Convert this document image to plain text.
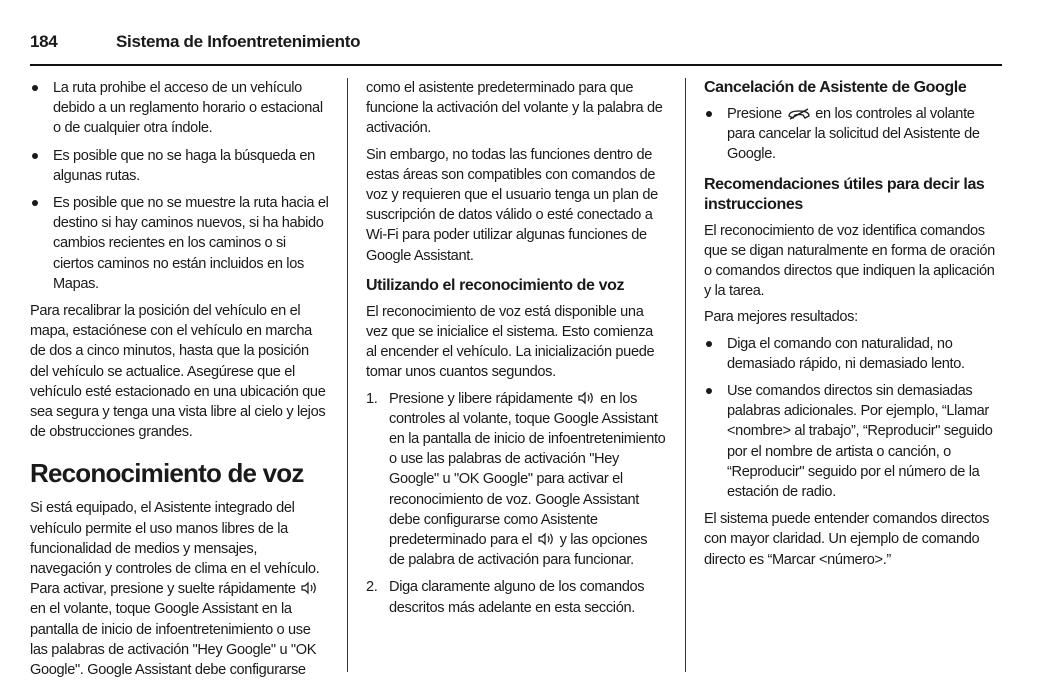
184	Sistema de Infoentretenimiento
La ruta prohibe el acceso de un vehículo debido a un reglamento horario o estacional o de cualquier otra índole.
Es posible que no se haga la búsqueda en algunas rutas.
Es posible que no se muestre la ruta hacia el destino si hay caminos nuevos, si ha habido cambios recientes en los caminos o si ciertos caminos no están incluidos en los Mapas.

Para recalibrar la posición del vehículo en el mapa, estaciónese con el vehículo en marcha de dos a cinco minutos, hasta que la posición del vehículo se actualice. Asegúrese que el vehículo esté estacionado en una ubicación que sea segura y tenga una vista libre al cielo y lejos de obstrucciones grandes.

Reconocimiento de voz

Si está equipado, el Asistente integrado del vehículo permite el uso manos libres de la funcionalidad de medios y mensajes, navegación y controles de clima en el vehículo. Para activar, presione y suelte rápidamente  en el volante, toque Google Assistant en la pantalla de inicio de infoentretenimiento o use las palabras de activación "Hey Google" u "OK Google". Google Assistant debe configurarse

como el asistente predeterminado para que funcione la activación del volante y la palabra de activación.

Sin embargo, no todas las funciones dentro de estas áreas son compatibles con comandos de voz y requieren que el usuario tenga un plan de suscripción de datos válido o esté conectado a Wi-Fi para poder utilizar algunas funciones de Google Assistant.

Utilizando el reconocimiento de voz

El reconocimiento de voz está disponible una vez que se inicialice el sistema. Esto comienza al encender el vehículo. La inicialización puede tomar unos cuantos segundos.

1. Presione y libere rápidamente en los controles al volante, toque Google Assistant en la pantalla de inicio de infoentretenimiento o use las palabras de activación "Hey Google" u "OK Google" para activar el reconocimiento de voz. Google Assistant debe configurarse como Asistente predeterminado para el y las opciones de palabra de activación para funcionar.
2. Diga claramente alguno de los comandos descritos más adelante en esta sección.
Cancelación de Asistente de Google
Presione en los controles al volante para cancelar la solicitud del Asistente de Google.
Recomendaciones útiles para decir las instrucciones

El reconocimiento de voz identifica comandos que se digan naturalmente en forma de oración o comandos directos que indiquen la aplicación y la tarea.

Para mejores resultados:

Diga el comando con naturalidad, no demasiado rápido, ni demasiado lento.
Use comandos directos sin demasiadas palabras adicionales. Por ejemplo, “Llamar <nombre> al trabajo”, “Reproducir" seguido por el nombre de artista o canción, o “Reproducir" seguido por el número de la estación de radio.

El sistema puede entender comandos directos con mayor claridad. Un ejemplo de comando directo es “Marcar <número>.”
